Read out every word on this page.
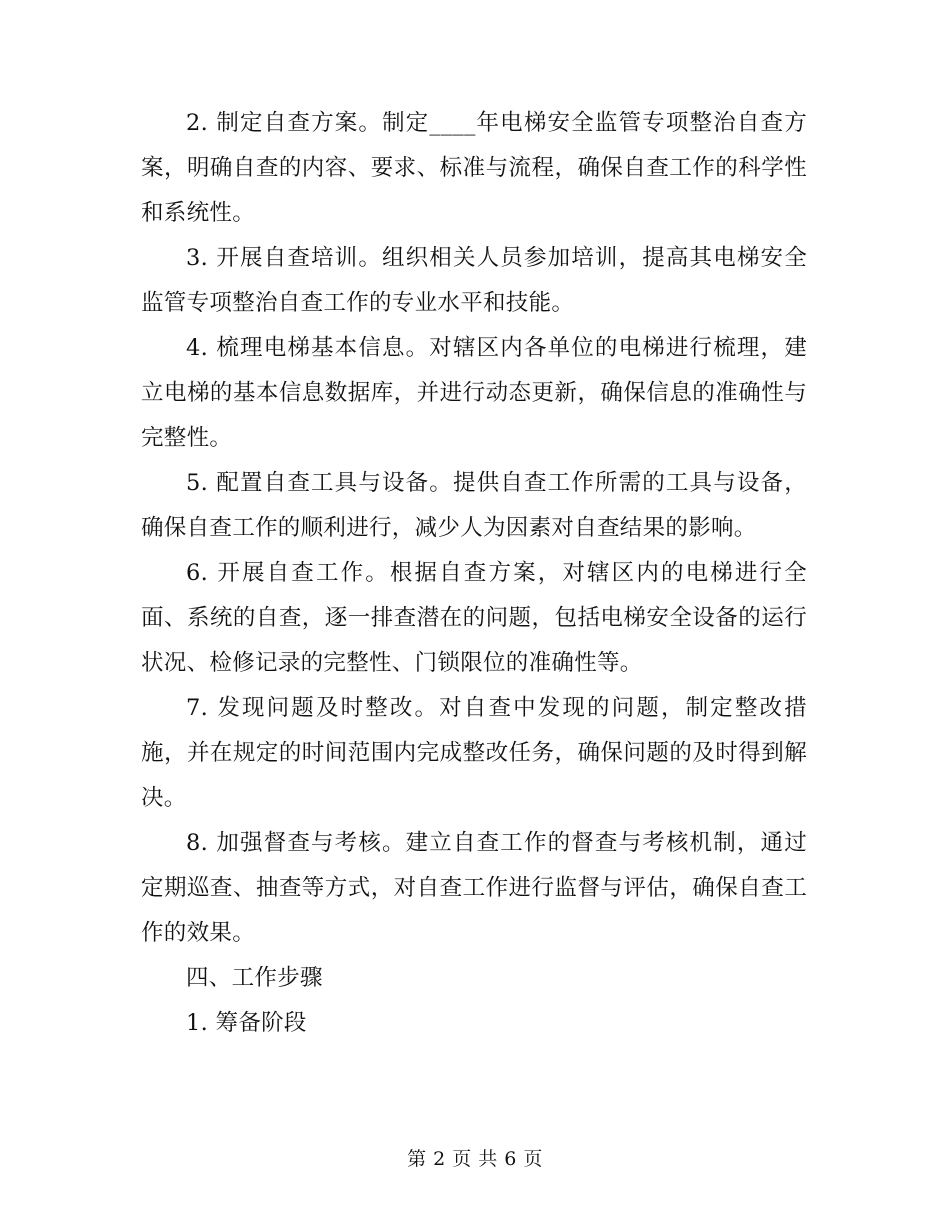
2. 制定自查方案。制定____年电梯安全监管专项整治自查方案，明确自查的内容、要求、标准与流程，确保自查工作的科学性和系统性。

3. 开展自查培训。组织相关人员参加培训，提高其电梯安全监管专项整治自查工作的专业水平和技能。

4. 梳理电梯基本信息。对辖区内各单位的电梯进行梳理，建立电梯的基本信息数据库，并进行动态更新，确保信息的准确性与完整性。

5. 配置自查工具与设备。提供自查工作所需的工具与设备，确保自查工作的顺利进行，减少人为因素对自查结果的影响。

6. 开展自查工作。根据自查方案，对辖区内的电梯进行全面、系统的自查，逐一排查潜在的问题，包括电梯安全设备的运行状况、检修记录的完整性、门锁限位的准确性等。

7. 发现问题及时整改。对自查中发现的问题，制定整改措施，并在规定的时间范围内完成整改任务，确保问题的及时得到解决。

8. 加强督查与考核。建立自查工作的督查与考核机制，通过定期巡查、抽查等方式，对自查工作进行监督与评估，确保自查工作的效果。

四、工作步骤

1. 筹备阶段

第 2 页 共 6 页
